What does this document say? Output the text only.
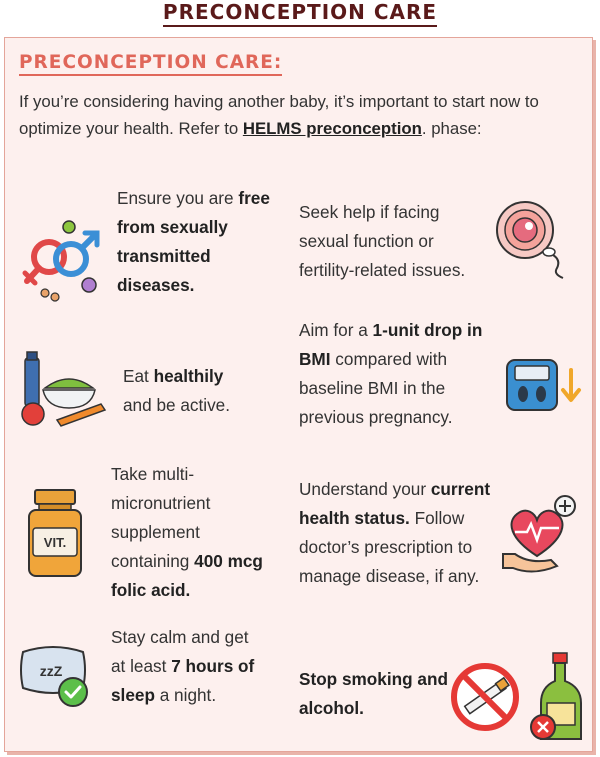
PRECONCEPTION CARE
PRECONCEPTION CARE:
If you’re considering having another baby, it’s important to start now to optimize your health. Refer to HELMS preconception. phase:
Ensure you are free from sexually transmitted diseases.
Seek help if facing sexual function or fertility-related issues.
Eat healthily and be active.
Aim for a 1-unit drop in BMI compared with baseline BMI in the previous pregnancy.
VIT.
Take multi-micronutrient supplement containing 400 mcg folic acid.
Understand your current health status. Follow doctor’s prescription to manage disease, if any.
zzZ
Stay calm and get at least 7 hours of sleep a night.
Stop smoking and alcohol.
